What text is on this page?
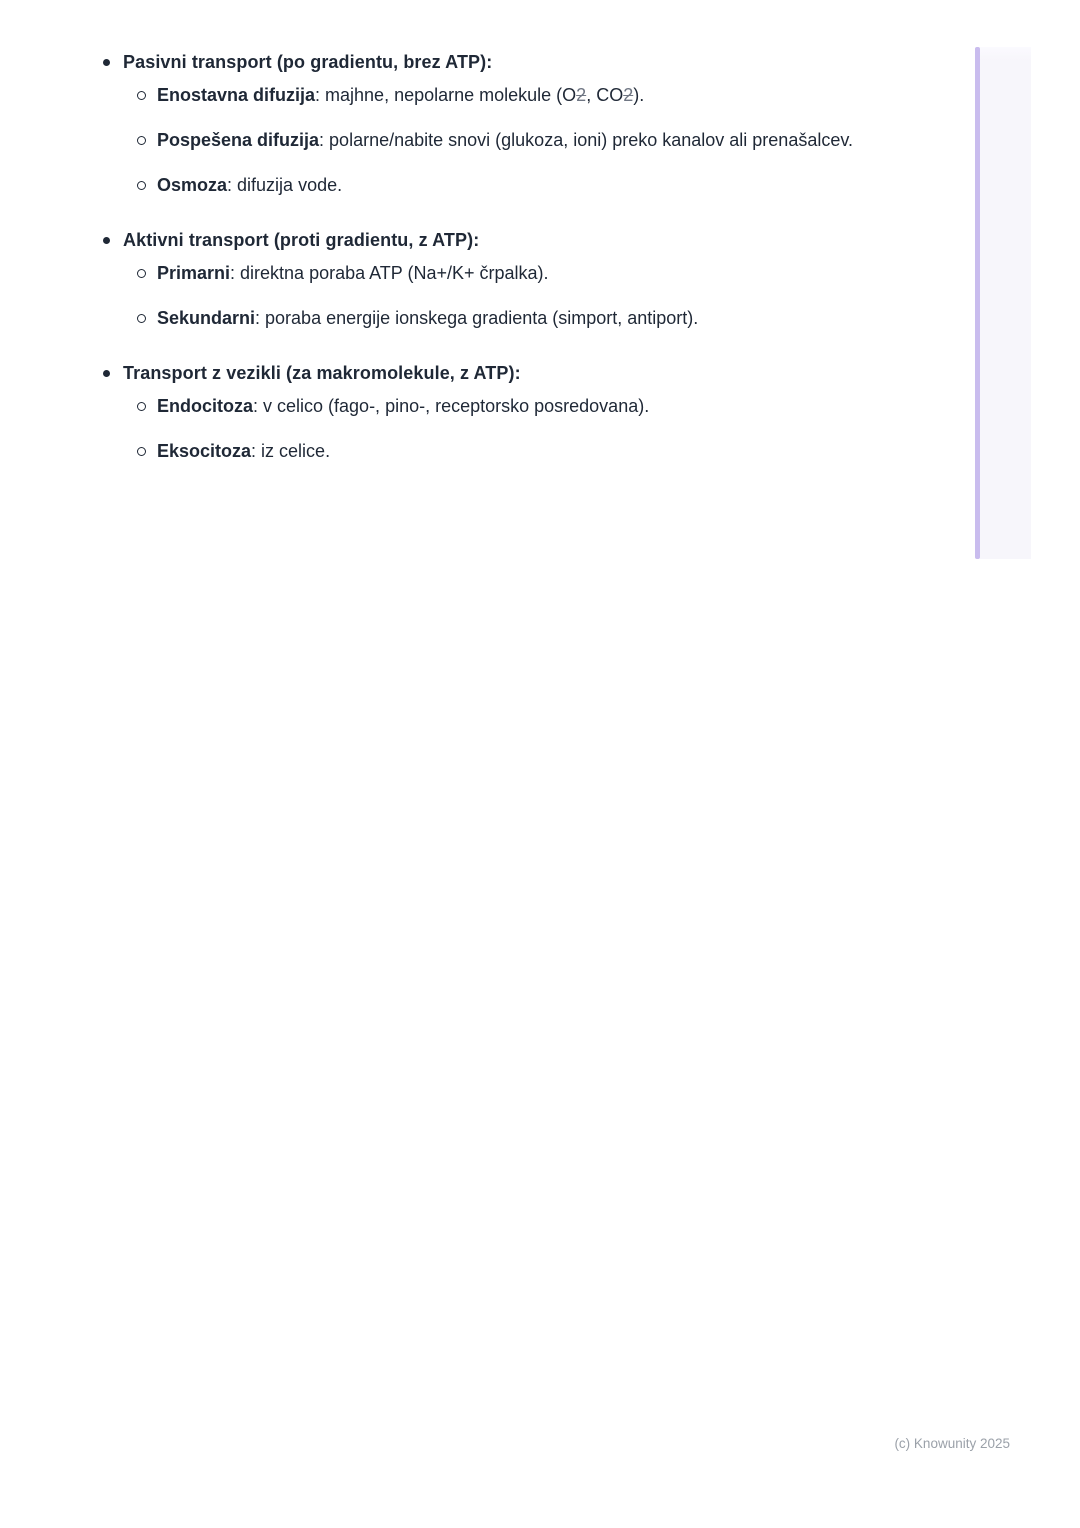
Pasivni transport (po gradientu, brez ATP):
Enostavna difuzija: majhne, nepolarne molekule (O2, CO2).
Pospešena difuzija: polarne/nabite snovi (glukoza, ioni) preko kanalov ali prenašalcev.
Osmoza: difuzija vode.
Aktivni transport (proti gradientu, z ATP):
Primarni: direktna poraba ATP (Na+/K+ črpalka).
Sekundarni: poraba energije ionskega gradienta (simport, antiport).
Transport z vezikli (za makromolekule, z ATP):
Endocitoza: v celico (fago-, pino-, receptorsko posredovana).
Eksocitoza: iz celice.
(c) Knowunity 2025
